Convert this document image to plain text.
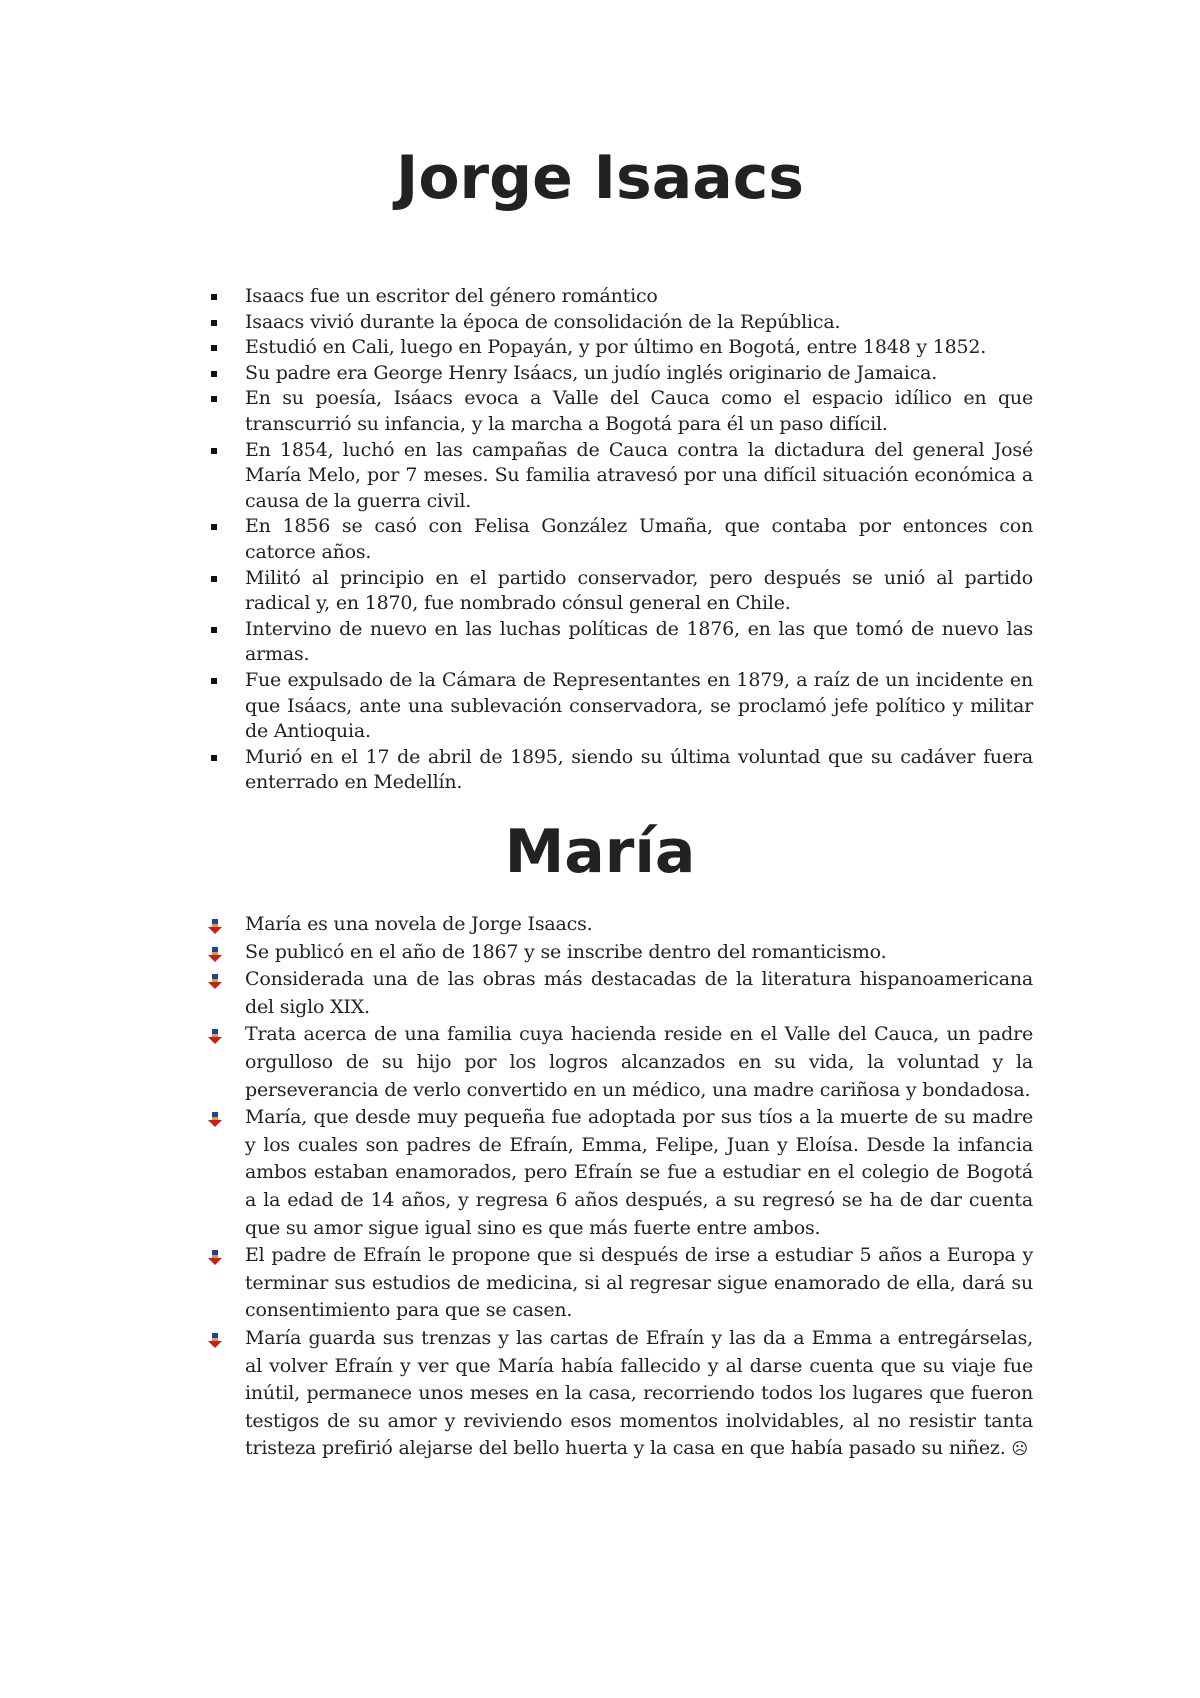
Jorge Isaacs
Isaacs fue un escritor del género romántico
Isaacs vivió durante la época de consolidación de la República.
Estudió en Cali, luego en Popayán, y por último en Bogotá, entre 1848 y 1852.
Su padre era George Henry Isáacs, un judío inglés originario de Jamaica.
En su poesía, Isáacs evoca a Valle del Cauca como el espacio idílico en que transcurrió su infancia, y la marcha a Bogotá para él un paso difícil.
En 1854, luchó en las campañas de Cauca contra la dictadura del general José María Melo, por 7 meses. Su familia atravesó por una difícil situación económica a causa de la guerra civil.
En 1856 se casó con Felisa González Umaña, que contaba por entonces con catorce años.
Militó al principio en el partido conservador, pero después se unió al partido radical y, en 1870, fue nombrado cónsul general en Chile.
Intervino de nuevo en las luchas políticas de 1876, en las que tomó de nuevo las armas.
Fue expulsado de la Cámara de Representantes en 1879, a raíz de un incidente en que Isáacs, ante una sublevación conservadora, se proclamó jefe político y militar de Antioquia.
Murió en el 17 de abril de 1895, siendo su última voluntad que su cadáver fuera enterrado en Medellín.
María
María es una novela de Jorge Isaacs.
Se publicó en el año de 1867 y se inscribe dentro del romanticismo.
Considerada una de las obras más destacadas de la literatura hispanoamericana del siglo XIX.
Trata acerca de una familia cuya hacienda reside en el Valle del Cauca, un padre orgulloso de su hijo por los logros alcanzados en su vida, la voluntad y la perseverancia de verlo convertido en un médico, una madre cariñosa y bondadosa.
María, que desde muy pequeña fue adoptada por sus tíos a la muerte de su madre y los cuales son padres de Efraín, Emma, Felipe, Juan y Eloísa. Desde la infancia ambos estaban enamorados, pero Efraín se fue a estudiar en el colegio de Bogotá a la edad de 14 años, y regresa 6 años después, a su regresó se ha de dar cuenta que su amor sigue igual sino es que más fuerte entre ambos.
El padre de Efraín le propone que si después de irse a estudiar 5 años a Europa y terminar sus estudios de medicina, si al regresar sigue enamorado de ella, dará su consentimiento para que se casen.
María guarda sus trenzas y las cartas de Efraín y las da a Emma a entregárselas, al volver Efraín y ver que María había fallecido y al darse cuenta que su viaje fue inútil, permanece unos meses en la casa, recorriendo todos los lugares que fueron testigos de su amor y reviviendo esos momentos inolvidables, al no resistir tanta tristeza prefirió alejarse del bello huerta y la casa en que había pasado su niñez. ☹
